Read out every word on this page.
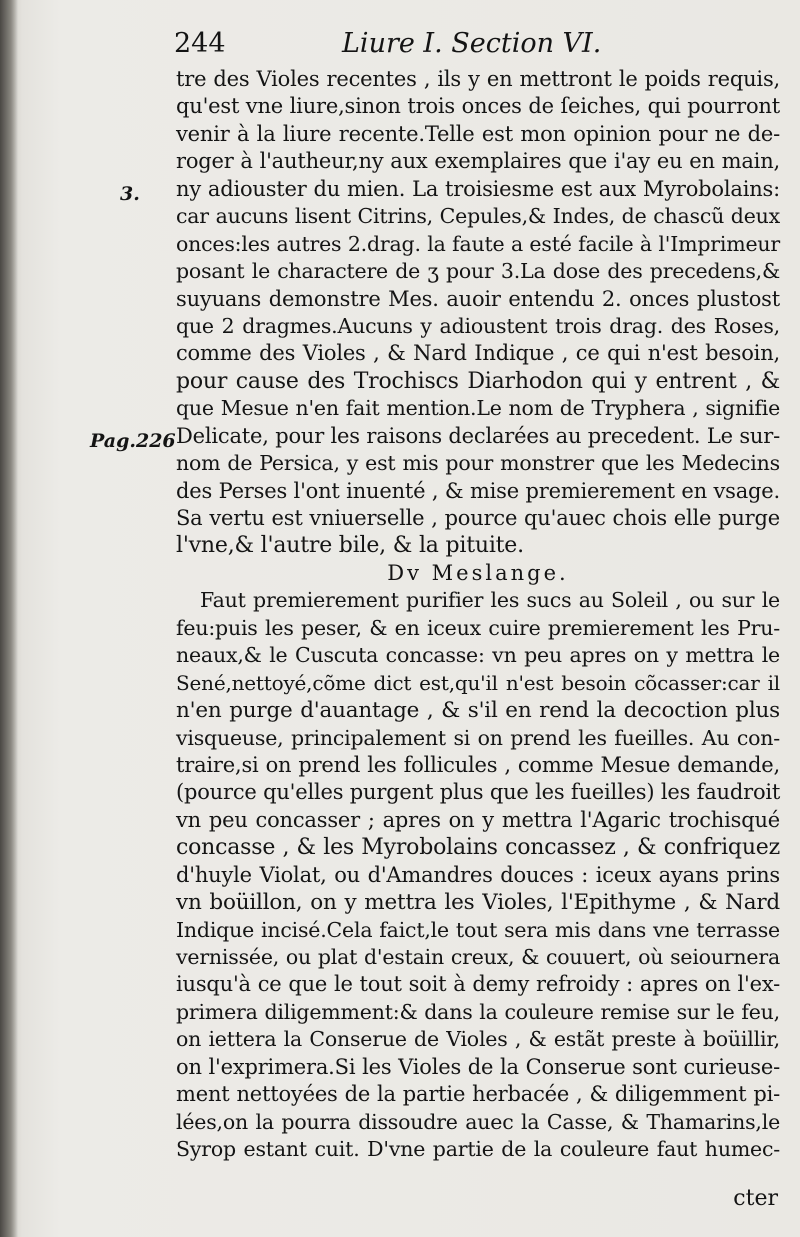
244	Liure I. Section VI.
3.
Pag.226
tre des Violes recentes , ils y en mettront le poids requis,
qu'est vne liure,sinon trois onces de ſeiches, qui pourront
venir à la liure recente.Telle est mon opinion pour ne de-
roger à l'autheur,ny aux exemplaires que i'ay eu en main,
ny adiouster du mien. La troisiesme est aux Myrobolains:
car aucuns lisent Citrins, Cepules,& Indes, de chascũ deux
onces:les autres 2.drag. la faute a esté facile à l'Imprimeur
posant le charactere de ʒ pour 3.La dose des precedens,&
suyuans demonstre Mes. auoir entendu 2. onces plustost
que 2 dragmes.Aucuns y adioustent trois drag. des Roses,
comme des Violes , & Nard Indique , ce qui n'est besoin,
pour cause des Trochiscs Diarhodon qui y entrent , &
que Mesue n'en fait mention.Le nom de Tryphera , signifie
Delicate, pour les raisons declarées au precedent. Le sur-
nom de Persica, y est mis pour monstrer que les Medecins
des Perses l'ont inuenté , & mise premierement en vsage.
Sa vertu est vniuerselle , pource qu'auec chois elle purge
l'vne,& l'autre bile, & la pituite.
Dv Meslange.
Faut premierement purifier les sucs au Soleil , ou sur le
feu:puis les peser, & en iceux cuire premierement les Pru-
neaux,& le Cuscuta concasse: vn peu apres on y mettra le
Sené,nettoyé,cõme dict est,qu'il n'est besoin cõcasser:car il
n'en purge d'auantage , & s'il en rend la decoction plus
visqueuse, principalement si on prend les fueilles. Au con-
traire,si on prend les follicules , comme Mesue demande,
(pource qu'elles purgent plus que les fueilles) les faudroit
vn peu concasser ; apres on y mettra l'Agaric trochisqué
concasse , & les Myrobolains concassez , & confriquez
d'huyle Violat, ou d'Amandres douces : iceux ayans prins
vn boüillon, on y mettra les Violes, l'Epithyme , & Nard
Indique incisé.Cela faict,le tout sera mis dans vne terrasse
vernissée, ou plat d'estain creux, & couuert, où seiournera
iusqu'à ce que le tout soit à demy refroidy : apres on l'ex-
primera diligemment:& dans la couleure remise sur le feu,
on iettera la Conserue de Violes , & estãt preste à boüillir,
on l'exprimera.Si les Violes de la Conserue sont curieuse-
ment nettoyées de la partie herbacée , & diligemment pi-
lées,on la pourra dissoudre auec la Casse, & Thamarins,le
Syrop estant cuit. D'vne partie de la couleure faut humec-
cter
